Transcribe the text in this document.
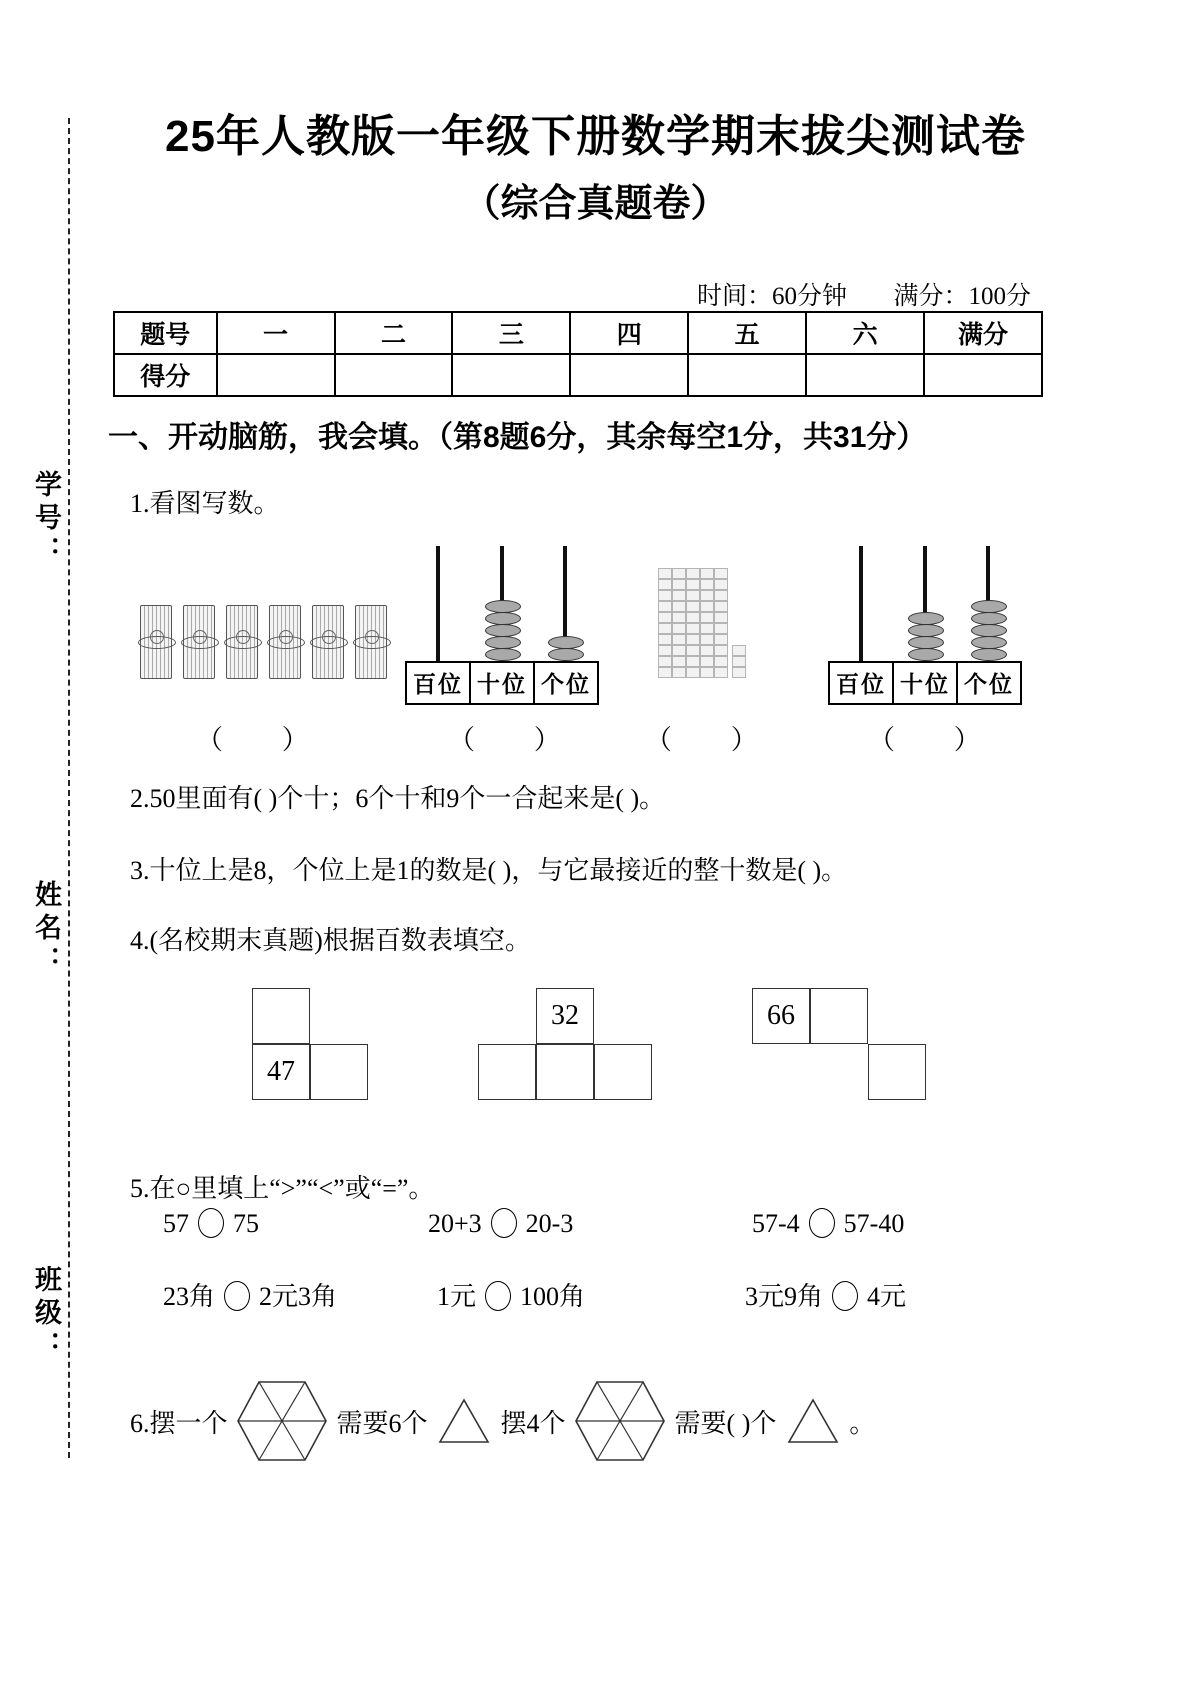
学号：
姓名：
班级：
25年人教版一年级下册数学期末拔尖测试卷
（综合真题卷）
时间：60分钟 满分：100分
题号	一	二	三	四	五	六	满分
得分							
一、开动脑筋，我会填。（第8题6分，其余每空1分，共31分）
1.看图写数。
百位 十位 个位	百位 十位 个位
（ ）	（ ） （ ）	（ ）
2.50里面有( )个十；6个十和9个一合起来是( )。
3.十位上是8，个位上是1的数是( )，与它最接近的整十数是( )。
4.(名校期末真题)根据百数表填空。
47
32	66
5.在○里填上“>”“<”或“=”。
57 75	20+3 20-3	57-4 57-40
23角 2元3角	1元 100角	3元9角 4元
6.摆一个	需要6个	摆4个	需要( )个	。
